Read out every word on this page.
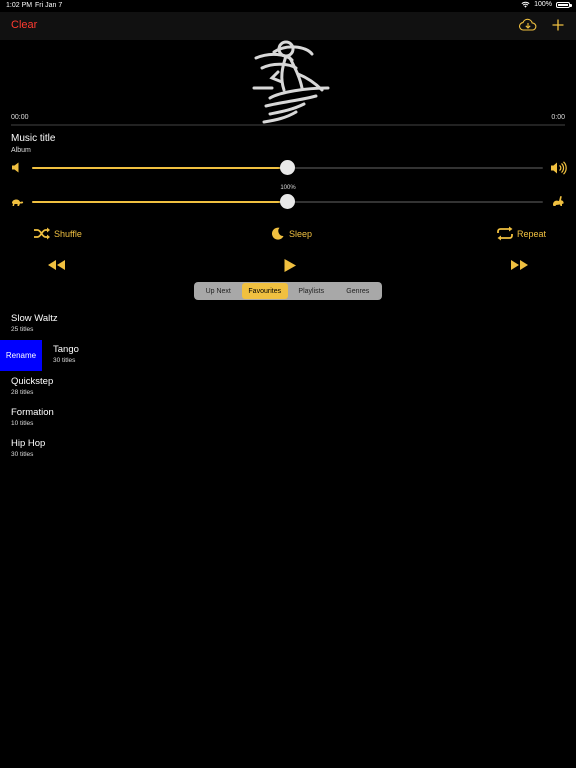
1:02 PM Fri Jan 7	100%
Clear
00:00	0:00
Music title
Album
100%
Shuffle	Sleep	Repeat
Up Next	Favourites	Playlists	Genres
Slow Waltz
25 titles
Tango
30 titles
Quickstep
28 titles
Formation
10 titles
Hip Hop
30 titles
Rename
